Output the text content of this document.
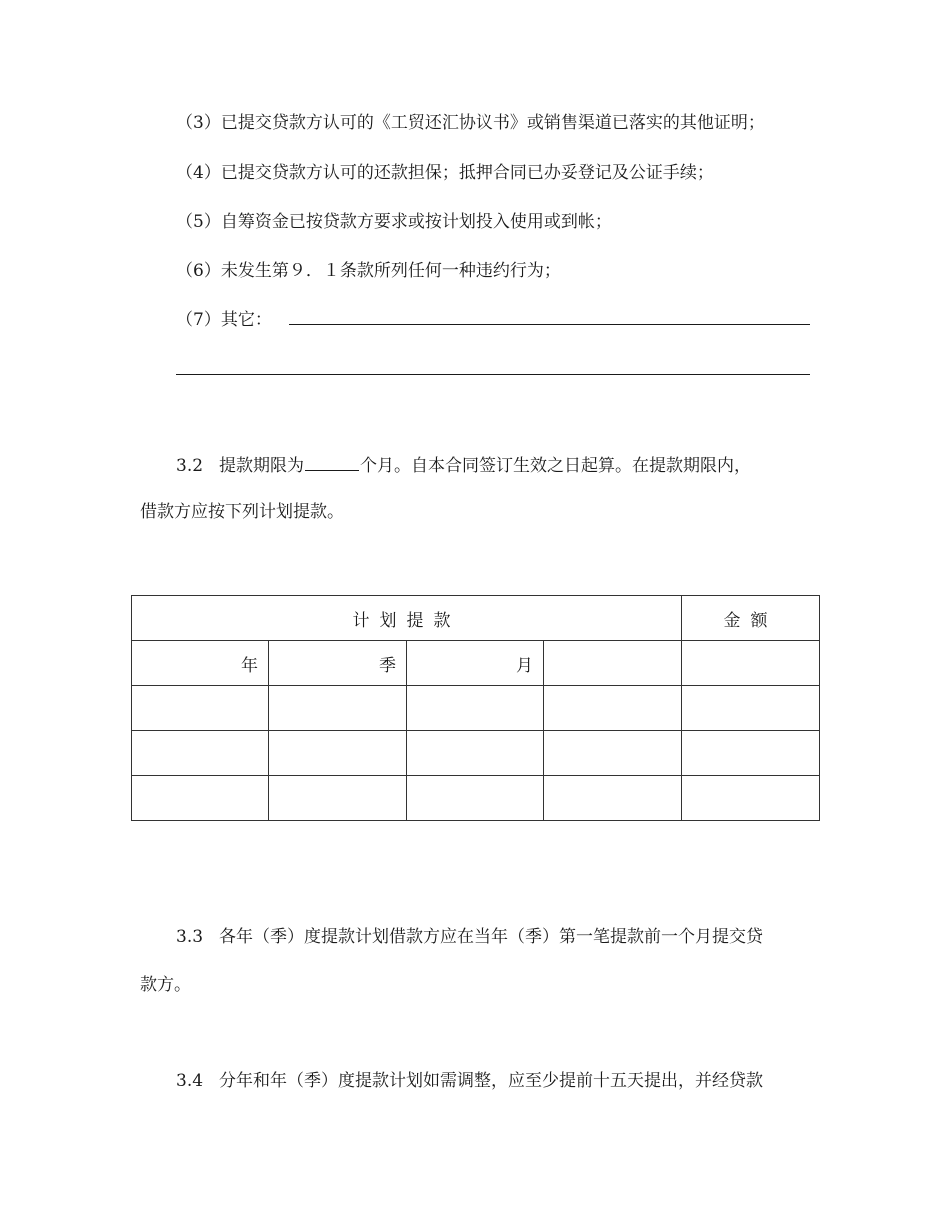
（3）已提交贷款方认可的《工贸还汇协议书》或销售渠道已落实的其他证明；
（4）已提交贷款方认可的还款担保；抵押合同已办妥登记及公证手续；
（5）自筹资金已按贷款方要求或按计划投入使用或到帐；
（6）未发生第９．１条款所列任何一种违约行为；
（7）其它：
3.2 提款期限为	个月。自本合同签订生效之日起算。在提款期限内，
借款方应按下列计划提款。
计划提款				金额
年	季	月		

3.3 各年（季）度提款计划借款方应在当年（季）第一笔提款前一个月提交贷
款方。
3.4 分年和年（季）度提款计划如需调整，应至少提前十五天提出，并经贷款
